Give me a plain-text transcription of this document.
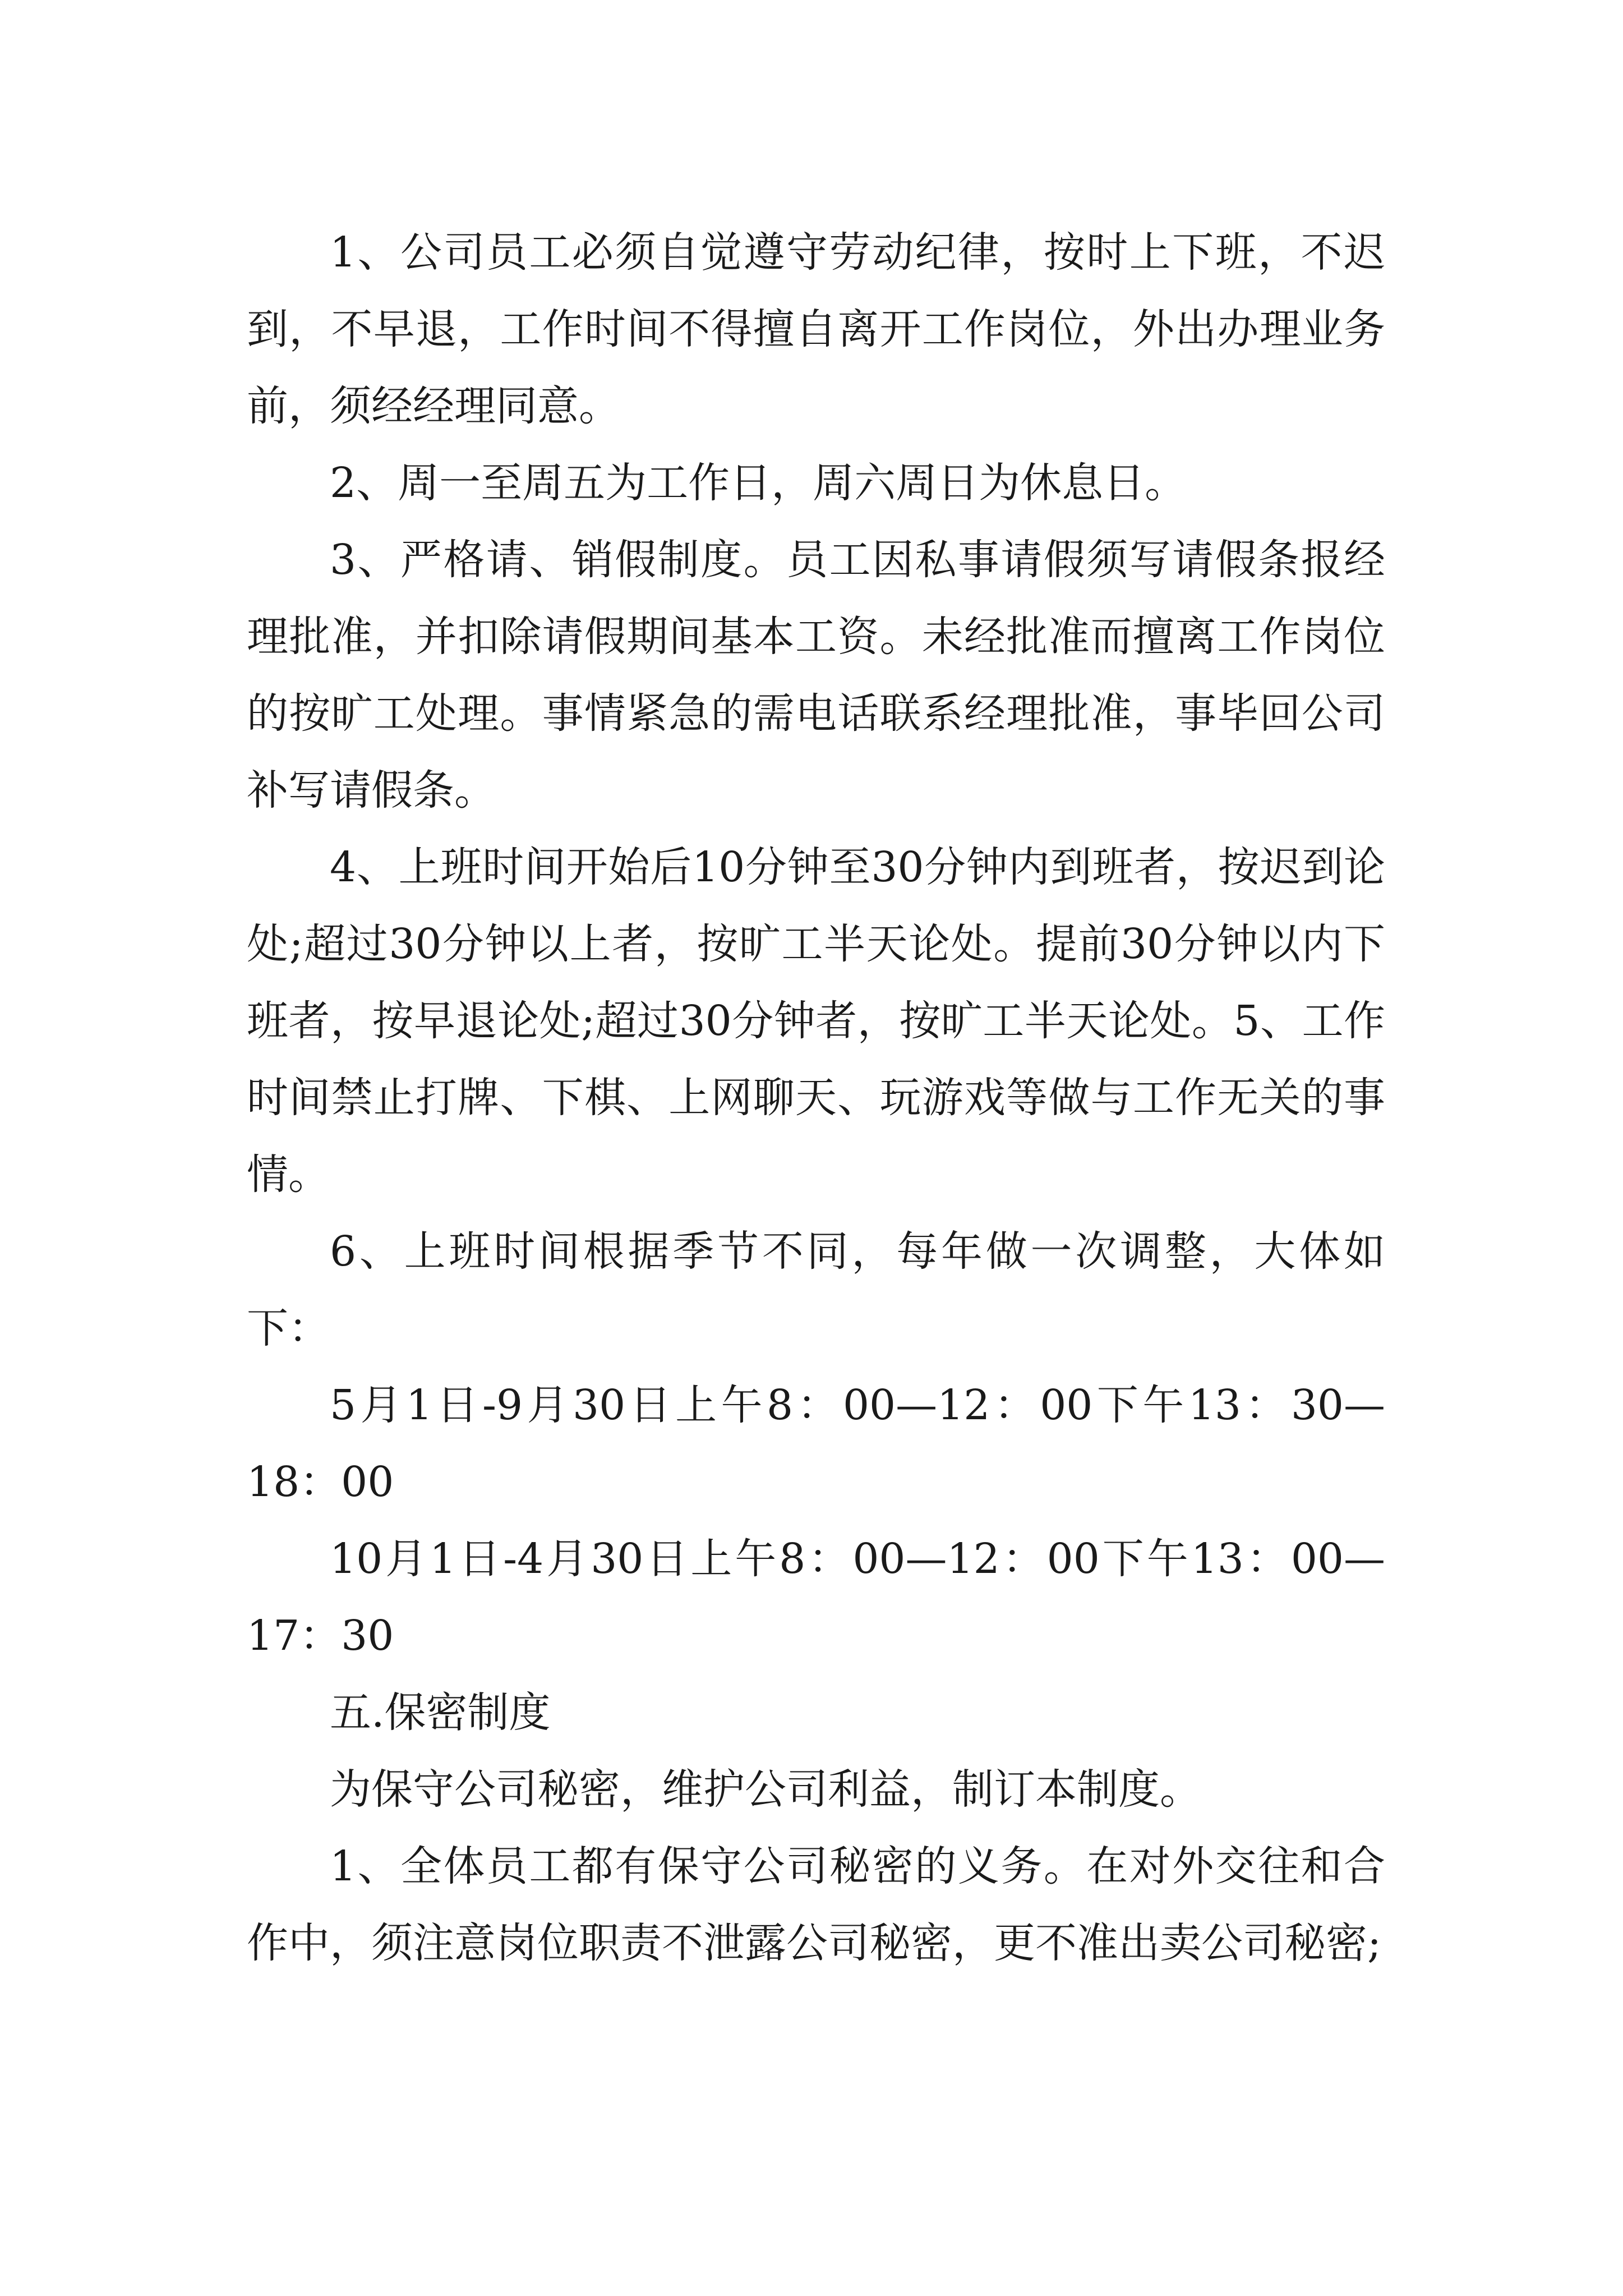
1、公司员工必须自觉遵守劳动纪律，按时上下班，不迟到，不早退，工作时间不得擅自离开工作岗位，外出办理业务前，须经经理同意。

2、周一至周五为工作日，周六周日为休息日。

3、严格请、销假制度。员工因私事请假须写请假条报经理批准，并扣除请假期间基本工资。未经批准而擅离工作岗位的按旷工处理。事情紧急的需电话联系经理批准，事毕回公司补写请假条。

4、上班时间开始后10分钟至30分钟内到班者，按迟到论处;超过30分钟以上者，按旷工半天论处。提前30分钟以内下班者，按早退论处;超过30分钟者，按旷工半天论处。5、工作时间禁止打牌、下棋、上网聊天、玩游戏等做与工作无关的事情。

6、上班时间根据季节不同，每年做一次调整，大体如下：

5月1日-9月30日上午8：00—12：00下午13：30—18：00

10月1日-4月30日上午8：00—12：00下午13：00—17：30

五.保密制度

为保守公司秘密，维护公司利益，制订本制度。

1、全体员工都有保守公司秘密的义务。在对外交往和合作中，须注意岗位职责不泄露公司秘密，更不准出卖公司秘密;
